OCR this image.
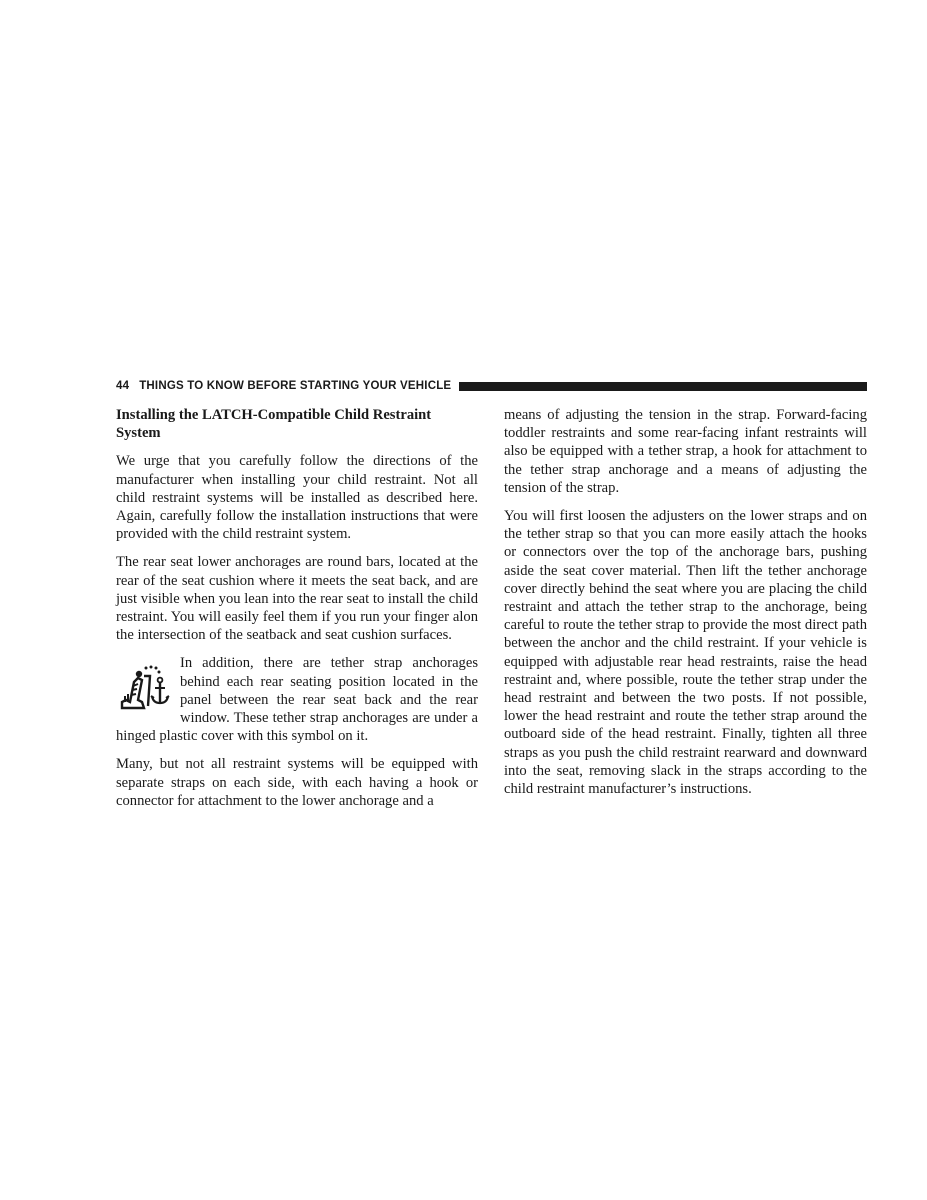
44 THINGS TO KNOW BEFORE STARTING YOUR VEHICLE

Installing the LATCH-Compatible Child Restraint System

We urge that you carefully follow the directions of the manufacturer when installing your child restraint. Not all child restraint systems will be installed as described here. Again, carefully follow the installation instructions that were provided with the child restraint system.

The rear seat lower anchorages are round bars, located at the rear of the seat cushion where it meets the seat back, and are just visible when you lean into the rear seat to install the child restraint. You will easily feel them if you run your finger alon the intersection of the seatback and seat cushion surfaces.

In addition, there are tether strap anchorages behind each rear seating position located in the panel between the rear seat back and the rear window. These tether strap anchorages are under a hinged plastic cover with this symbol on it.

Many, but not all restraint systems will be equipped with separate straps on each side, with each having a hook or connector for attachment to the lower anchorage and a

means of adjusting the tension in the strap. Forward-facing toddler restraints and some rear-facing infant restraints will also be equipped with a tether strap, a hook for attachment to the tether strap anchorage and a means of adjusting the tension of the strap.

You will first loosen the adjusters on the lower straps and on the tether strap so that you can more easily attach the hooks or connectors over the top of the anchorage bars, pushing aside the seat cover material. Then lift the tether anchorage cover directly behind the seat where you are placing the child restraint and attach the tether strap to the anchorage, being careful to route the tether strap to provide the most direct path between the anchor and the child restraint. If your vehicle is equipped with adjustable rear head restraints, raise the head restraint and, where possible, route the tether strap under the head restraint and between the two posts. If not possible, lower the head restraint and route the tether strap around the outboard side of the head restraint. Finally, tighten all three straps as you push the child restraint rearward and downward into the seat, removing slack in the straps according to the child restraint manufacturer’s instructions.
